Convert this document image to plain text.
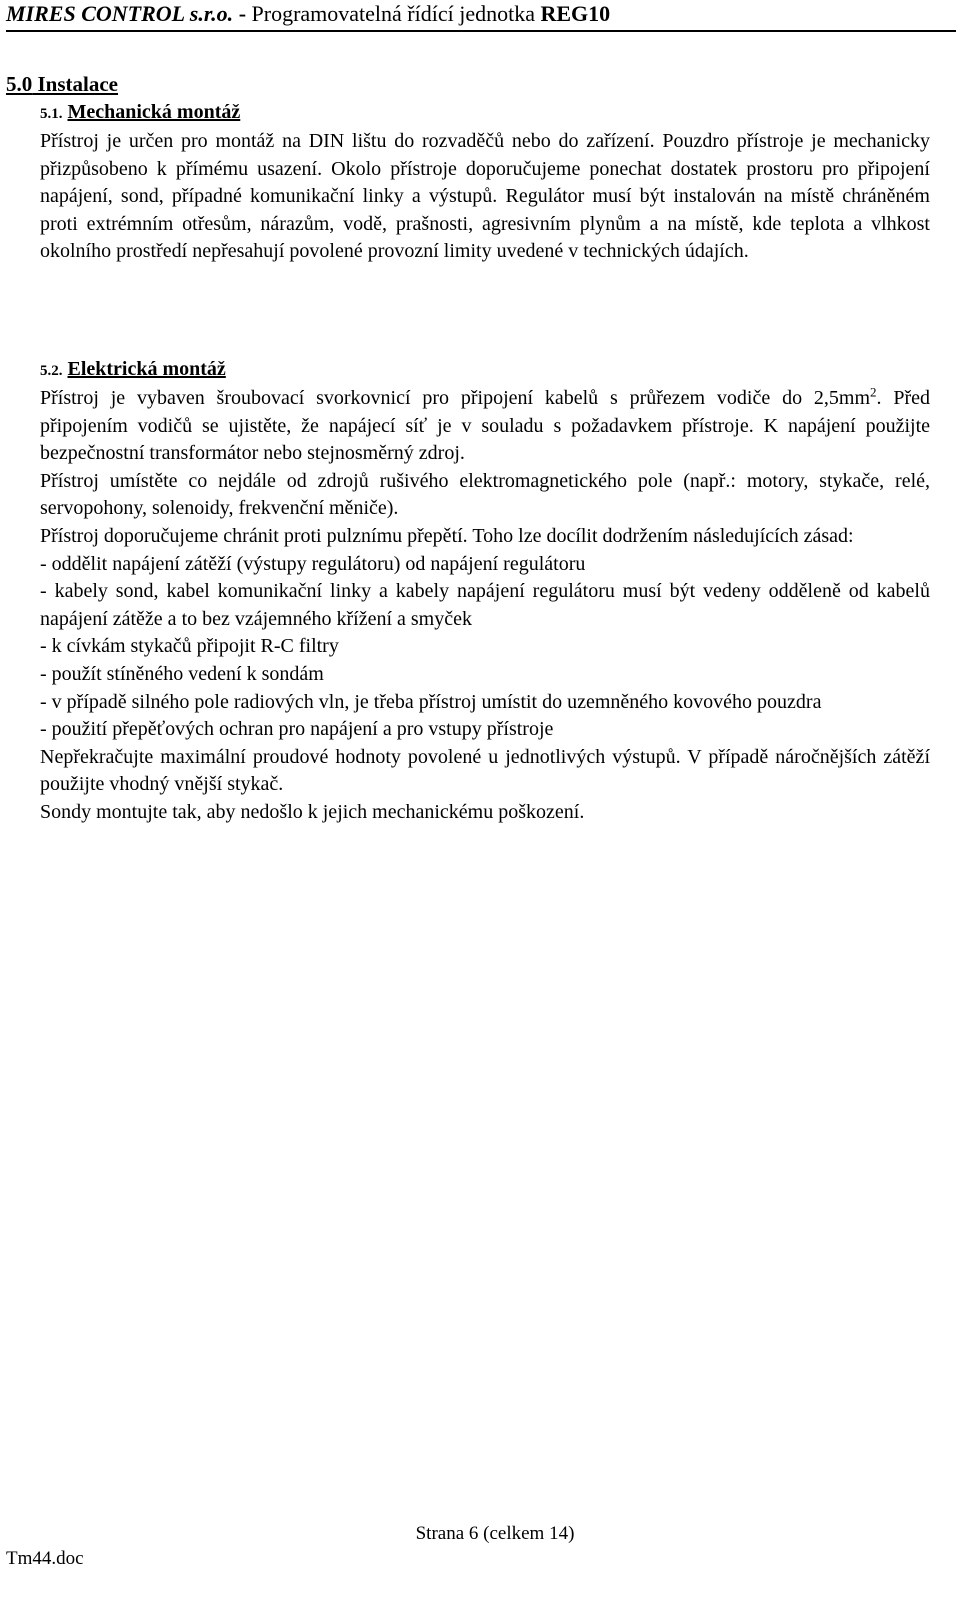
MIRES CONTROL s.r.o. - Programovatelná řídící jednotka REG10
5.0 Instalace
5.1. Mechanická montáž

Přístroj je určen pro montáž na DIN lištu do rozvaděčů nebo do zařízení. Pouzdro přístroje je mechanicky přizpůsobeno k přímému usazení. Okolo přístroje doporučujeme ponechat dostatek prostoru pro připojení napájení, sond, případné komunikační linky a výstupů. Regulátor musí být instalován na místě chráněném proti extrémním otřesům, nárazům, vodě, prašnosti, agresivním plynům a na místě, kde teplota a vlhkost okolního prostředí nepřesahují povolené provozní limity uvedené v technických údajích.

5.2. Elektrická montáž

Přístroj je vybaven šroubovací svorkovnicí pro připojení kabelů s průřezem vodiče do $2,5mm^2$. Před připojením vodičů se ujistěte, že napájecí síť je v souladu s požadavkem přístroje. K napájení použijte bezpečnostní transformátor nebo stejnosměrný zdroj.

Přístroj umístěte co nejdále od zdrojů rušivého elektromagnetického pole (např.: motory, stykače, relé, servopohony, solenoidy, frekvenční měniče).

Přístroj doporučujeme chránit proti pulznímu přepětí. Toho lze docílit dodržením následujících zásad:

- oddělit napájení zátěží (výstupy regulátoru) od napájení regulátoru

- kabely sond, kabel komunikační linky a kabely napájení regulátoru musí být vedeny odděleně od kabelů napájení zátěže a to bez vzájemného křížení a smyček

- k cívkám stykačů připojit R-C filtry

- použít stíněného vedení k sondám

- v případě silného pole radiových vln, je třeba přístroj umístit do uzemněného kovového pouzdra

- použití přepěťových ochran pro napájení a pro vstupy přístroje

Nepřekračujte maximální proudové hodnoty povolené u jednotlivých výstupů. V případě náročnějších zátěží použijte vhodný vnější stykač.

Sondy montujte tak, aby nedošlo k jejich mechanickému poškození.

Strana 6 (celkem 14)
Tm44.doc
